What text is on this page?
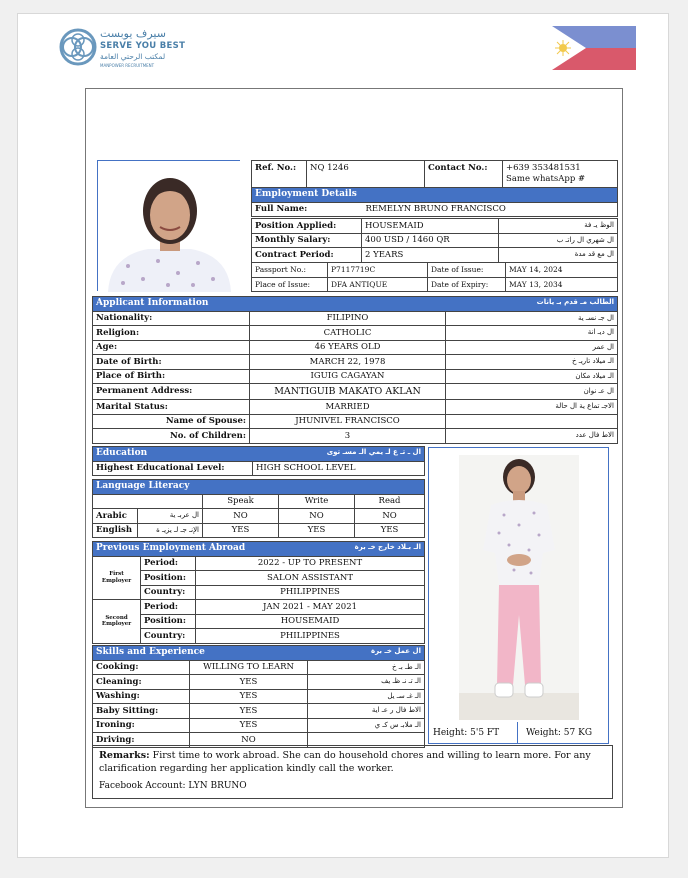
سيرف يوبست
SERVE YOU BEST
لمكتب الرحتي العامة
MANPOWER RECRUITMENT
Ref. No.:	NQ 1246	Contact No.:	+639 353481531
Same whatsApp #

Employment Details			
Full Name:		REMELYN BRUNO FRANCISCO	
Position Applied:	HOUSEMAID	الوظ يـ فة
Monthly Salary:	400 USD / 1460 QR	ال شهري ال راتـ ب
Contract Period:	2 YEARS	ال مع قد مدة
Passport No.:	P7117719C	Date of Issue:	MAY 14, 2024
Place of Issue:	DFA ANTIQUE	Date of Expiry:	MAY 13, 2034
Applicant Information الطالب مـ قدم بـ يانات		

Nationality:	FILIPINO	ال جـ نسـ ية
Religion:	CATHOLIC	ال ديـ انة
Age:	46 YEARS OLD	ال عمر
Date of Birth:	MARCH 22, 1978	الـ ميلاد تاريـ خ
Place of Birth:	IGUIG CAGAYAN	الـ ميلاد مكان
Permanent Address:	MANTIGUIB MAKATO AKLAN	ال عـ نوان
Marital Status:	MARRIED	الاجـ تماع ية ال حالة
Name of Spouse:	JHUNIVEL FRANCISCO	
No. of Children:	3	الاط فال عدد
Education	ال ـ تـ ع لـ يمي الـ مسـ توى

Highest Educational Level:	HIGH SCHOOL LEVEL
Language Literacy				
		Speak	Write	Read
Arabic	ال عربـ ية	NO	NO	NO
English	الإنـ جـ لـ يزيـ ة	YES	YES	YES
Previous Employment Abroad الـ بـلاد خارج خـ برة		

First Employer	Period:	2022 - UP TO PRESENT
	Position:	SALON ASSISTANT
	Country:	PHILIPPINES
Second Employer	Period:	JAN 2021 - MAY 2021
	Position:	HOUSEMAID
	Country:	PHILIPPINES
Skills and Experience ال عمل خـ برة		

Cooking:	WILLING TO LEARN	الـ طـ بـ خ
Cleaning:	YES	الـ تـ نـ ظـ يف
Washing:	YES	الـ غـ سـ يل
Baby Sitting:	YES	الاط فال ر عـ اية
Ironing:	YES	الـ ملابـ س كـ ي
Driving:	NO	
Height: 5'5 FT	Weight: 57 KG
Remarks: First time to work abroad. She can do household chores and willing to learn more. For any clarification regarding her application kindly call the worker.
Facebook Account: LYN BRUNO
